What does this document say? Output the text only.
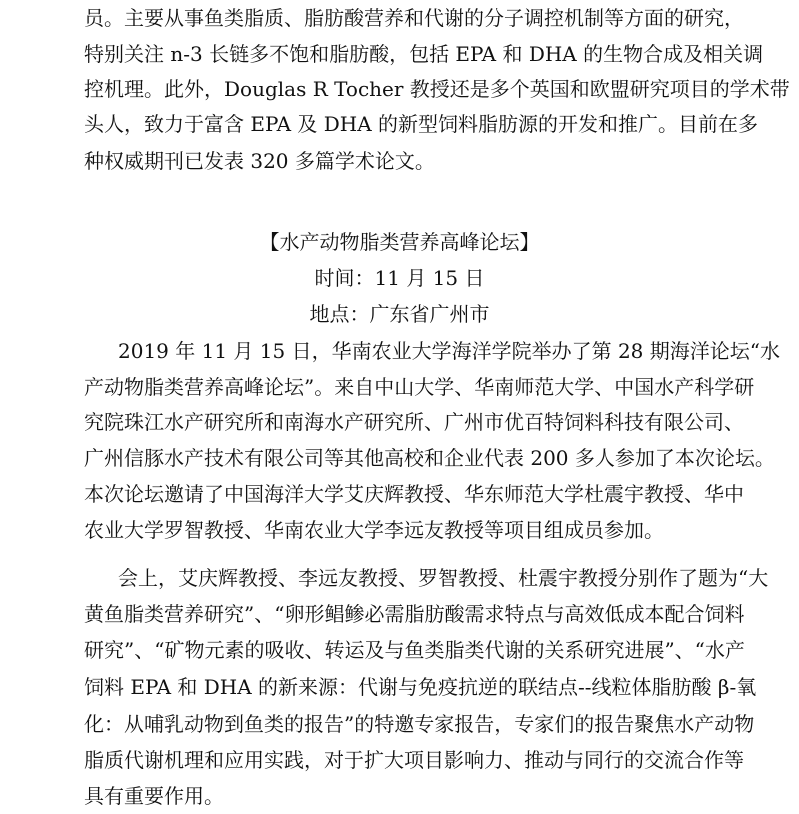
员。主要从事鱼类脂质、脂肪酸营养和代谢的分子调控机制等方面的研究，
特别关注 n-3 长链多不饱和脂肪酸，包括 EPA 和 DHA 的生物合成及相关调
控机理。此外，Douglas R Tocher 教授还是多个英国和欧盟研究项目的学术带
头人，致力于富含 EPA 及 DHA 的新型饲料脂肪源的开发和推广。目前在多
种权威期刊已发表 320 多篇学术论文。
【水产动物脂类营养高峰论坛】
时间：11 月 15 日
地点：广东省广州市
2019 年 11 月 15 日，华南农业大学海洋学院举办了第 28 期海洋论坛“水
产动物脂类营养高峰论坛”。来自中山大学、华南师范大学、中国水产科学研
究院珠江水产研究所和南海水产研究所、广州市优百特饲料科技有限公司、
广州信豚水产技术有限公司等其他高校和企业代表 200 多人参加了本次论坛。
本次论坛邀请了中国海洋大学艾庆辉教授、华东师范大学杜震宇教授、华中
农业大学罗智教授、华南农业大学李远友教授等项目组成员参加。
会上，艾庆辉教授、李远友教授、罗智教授、杜震宇教授分别作了题为“大
黄鱼脂类营养研究”、“卵形鲳鲹必需脂肪酸需求特点与高效低成本配合饲料
研究”、“矿物元素的吸收、转运及与鱼类脂类代谢的关系研究进展”、“水产
饲料 EPA 和 DHA 的新来源：代谢与免疫抗逆的联结点--线粒体脂肪酸 β-氧
化：从哺乳动物到鱼类的报告”的特邀专家报告，专家们的报告聚焦水产动物
脂质代谢机理和应用实践，对于扩大项目影响力、推动与同行的交流合作等
具有重要作用。
